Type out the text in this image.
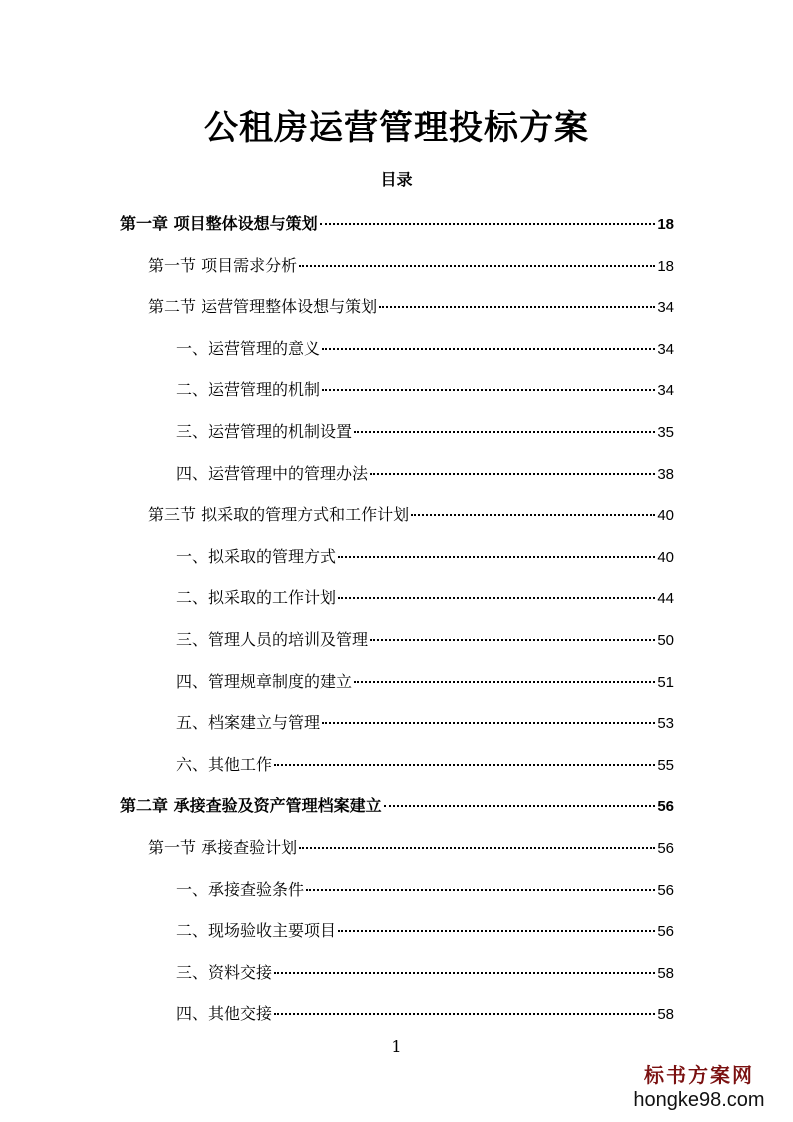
公租房运营管理投标方案
目录
第一章 项目整体设想与策划	18
第一节 项目需求分析	18
第二节 运营管理整体设想与策划	34
一、运营管理的意义	34
二、运营管理的机制	34
三、运营管理的机制设置	35
四、运营管理中的管理办法	38
第三节 拟采取的管理方式和工作计划	40
一、拟采取的管理方式	40
二、拟采取的工作计划	44
三、管理人员的培训及管理	50
四、管理规章制度的建立	51
五、档案建立与管理	53
六、其他工作	55
第二章 承接查验及资产管理档案建立	56
第一节 承接查验计划	56
一、承接查验条件	56
二、现场验收主要项目	56
三、资料交接	58
四、其他交接	58
1
标书方案网
hongke98.com
